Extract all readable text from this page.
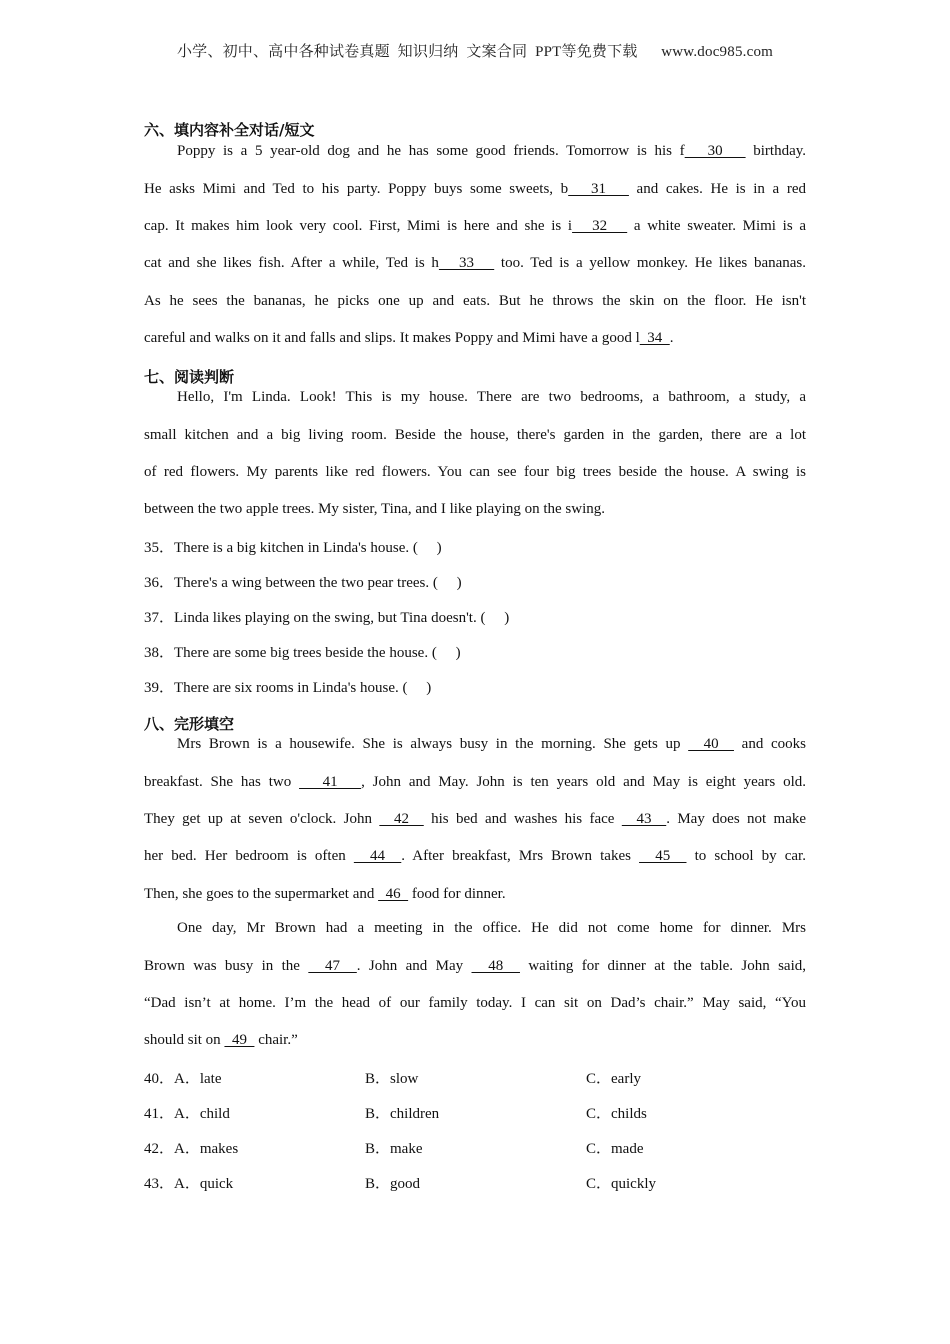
小学、初中、高中各种试卷真题  知识归纳  文案合同  PPT等免费下载      www.doc985.com
六、填内容补全对话/短文
Poppy is a 5 year-old dog and he has some good friends. Tomorrow is his f   30    birthday.
He asks Mimi and Ted to his party. Poppy buys some sweets, b   31    and cakes. He is in a red
cap. It makes him look very cool. First, Mimi is here and she is i   32    a white sweater. Mimi is a
cat and she likes fish. After a while, Ted is h   33    too. Ted is a yellow monkey. He likes bananas.
As he sees the bananas, he picks one up and eats. But he throws the skin on the floor. He isn't
careful and walks on it and falls and slips. It makes Poppy and Mimi have a good l  34  .
七、阅读判断
Hello, I'm Linda. Look! This is my house. There are two bedrooms, a bathroom, a study, a
small kitchen and a big living room. Beside the house, there's garden in the garden, there are a lot
of red flowers. My parents like red flowers. You can see four big trees beside the house. A swing is
between the two apple trees. My sister, Tina, and I like playing on the swing.
35．There is a big kitchen in Linda's house. (     )
36．There's a wing between the two pear trees. (     )
37．Linda likes playing on the swing, but Tina doesn't. (     )
38．There are some big trees beside the house. (     )
39．There are six rooms in Linda's house. (     )
八、完形填空
Mrs Brown is a housewife. She is always busy in the morning. She gets up   40   and cooks
breakfast. She has two    41   , John and May. John is ten years old and May is eight years old.
They get up at seven o'clock. John   42   his bed and washes his face   43  . May does not make
her bed. Her bedroom is often   44  . After breakfast, Mrs Brown takes   45   to school by car.
Then, she goes to the supermarket and   46   food for dinner.
One day, Mr Brown had a meeting in the office. He did not come home for dinner. Mrs
Brown was busy in the   47  . John and May   48   waiting for dinner at the table. John said,
“Dad isn’t at home. I’m the head of our family today. I can sit on Dad’s chair.” May said, “You
should sit on   49   chair.”
40．A．late	B．slow	C．early
41．A．child	B．children	C．childs
42．A．makes	B．make	C．made
43．A．quick	B．good	C．quickly
